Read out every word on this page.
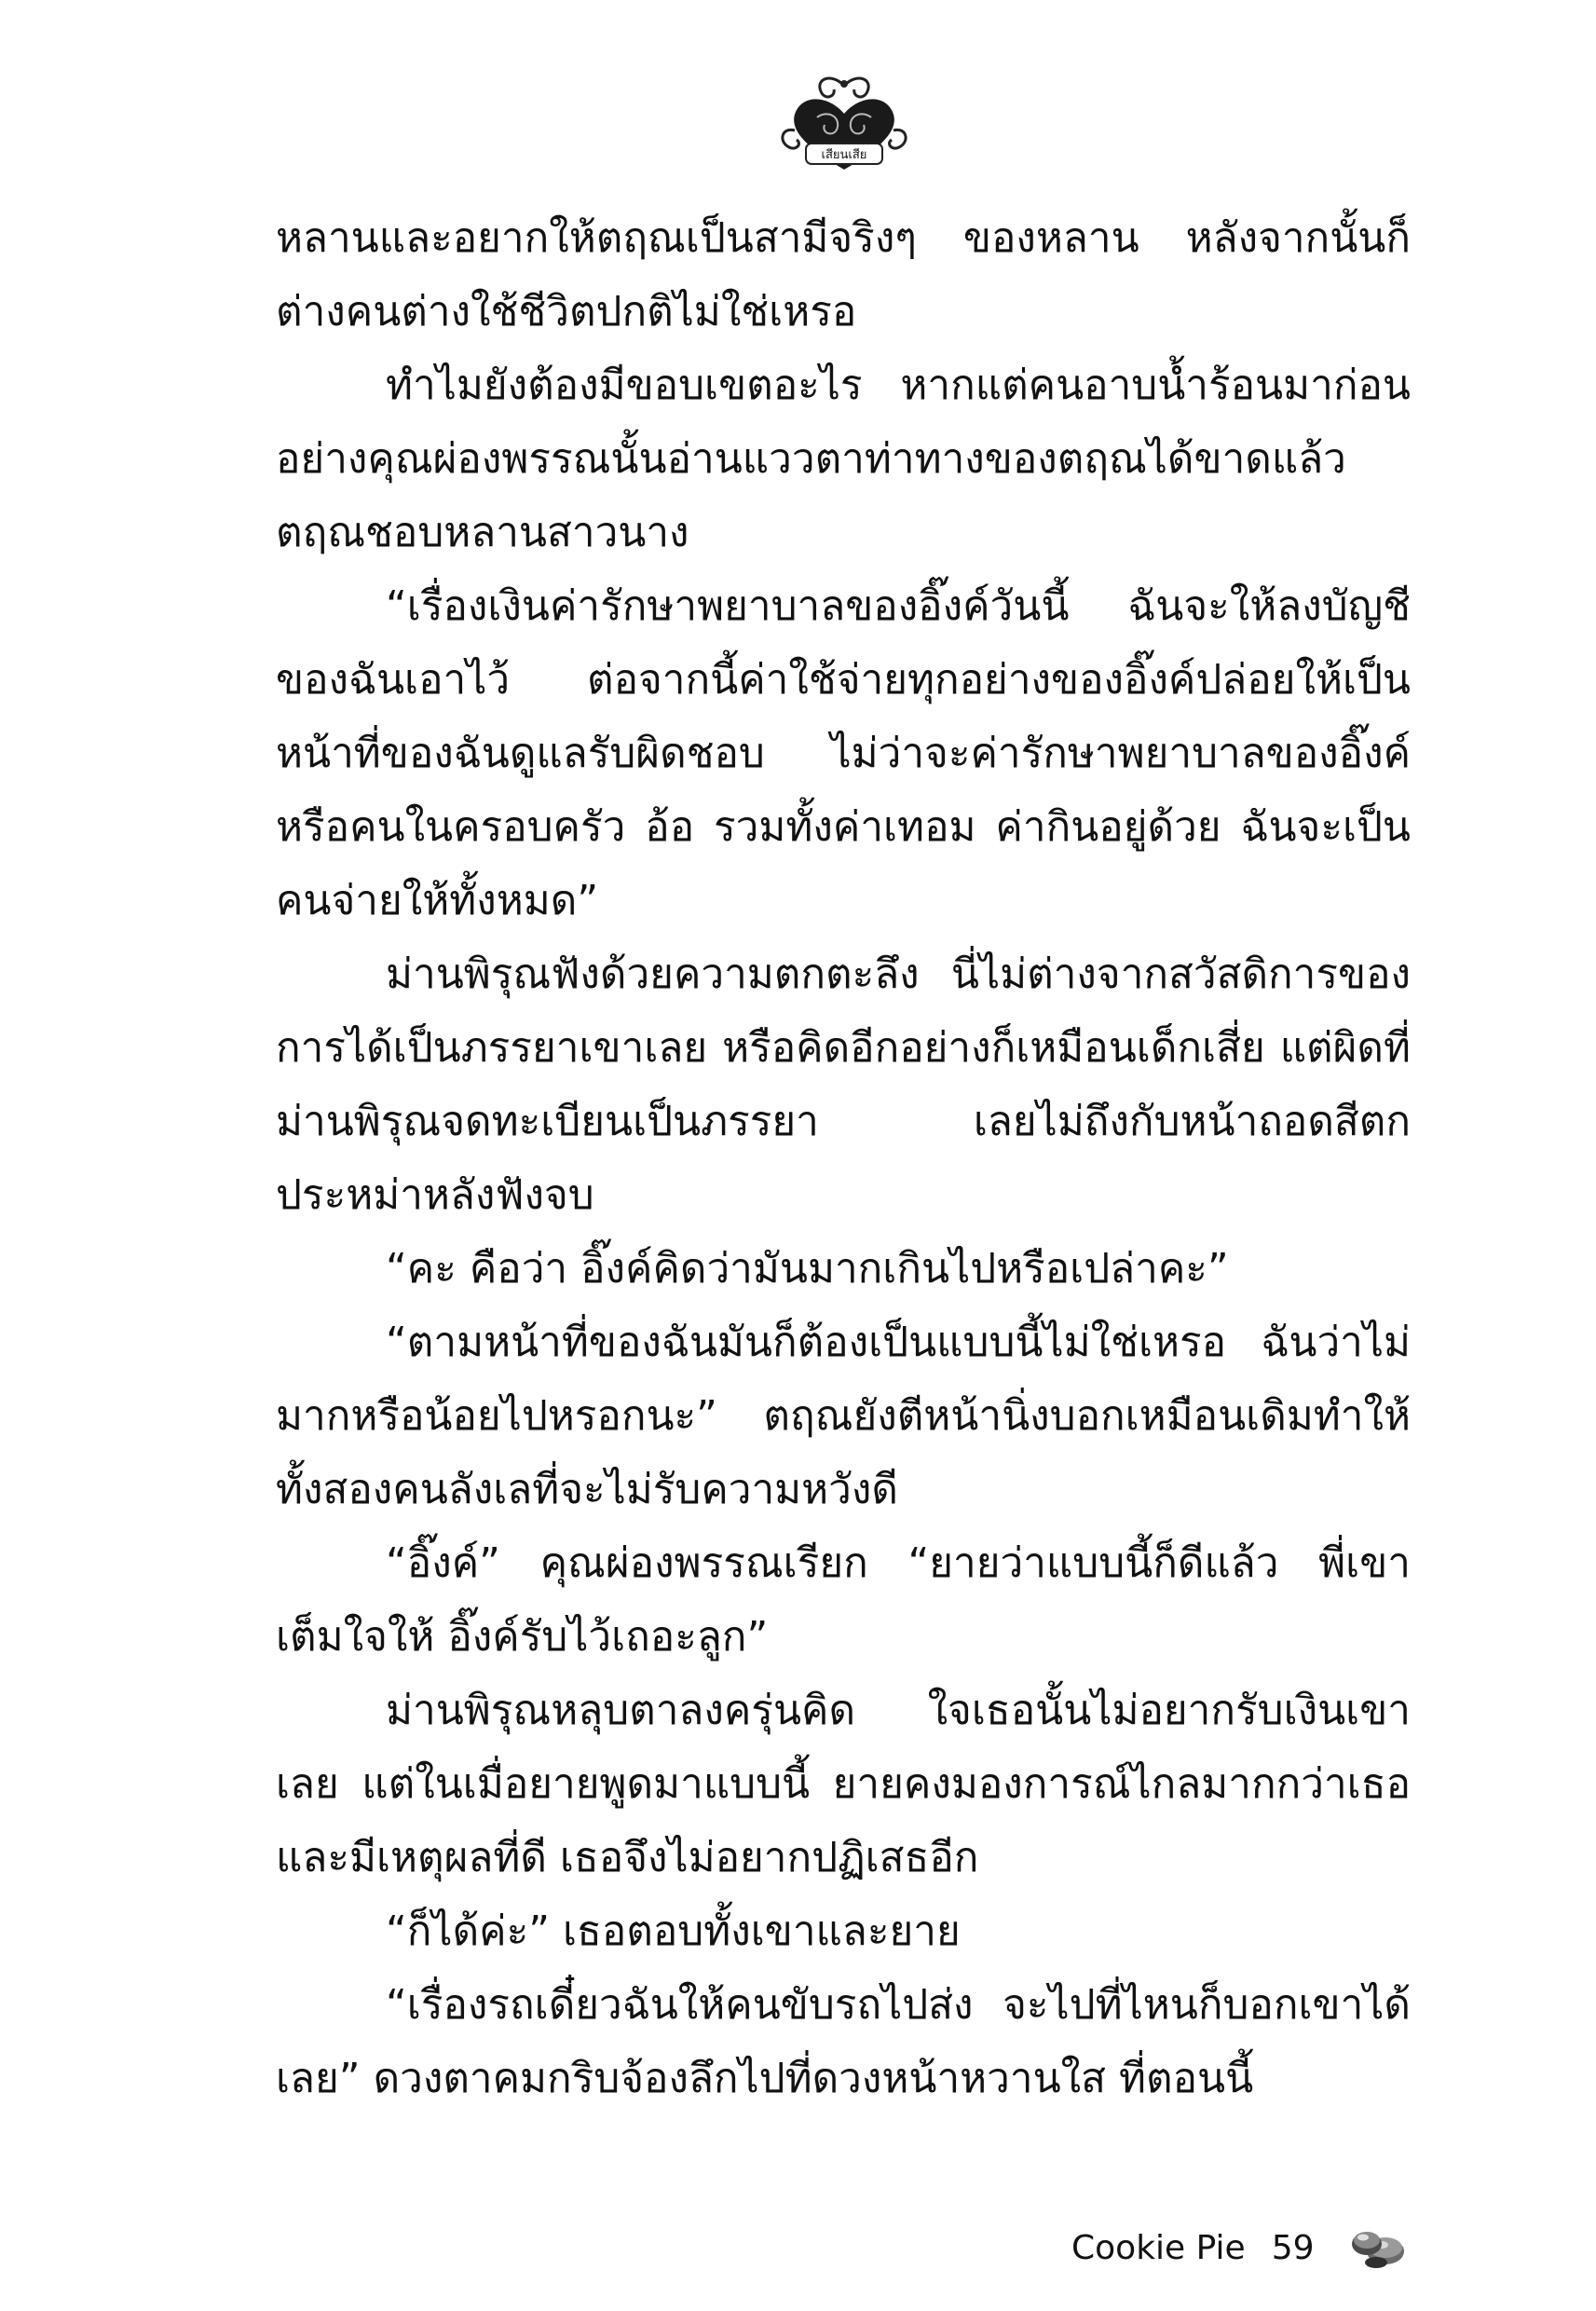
เสียนเสีย

หลานและอยากให้ตฤณเป็นสามีจริงๆ ของหลาน หลังจากนั้นก็ต่างคนต่างใช้ชีวิตปกติไม่ใช่เหรอ

ทำไมยังต้องมีขอบเขตอะไร หากแต่คนอาบน้ำร้อนมาก่อนอย่างคุณผ่องพรรณนั้นอ่านแววตาท่าทางของตฤณได้ขาดแล้ว ตฤณชอบหลานสาวนาง

“เรื่องเงินค่ารักษาพยาบาลของอิ๊งค์วันนี้ ฉันจะให้ลงบัญชีของฉันเอาไว้ ต่อจากนี้ค่าใช้จ่ายทุกอย่างของอิ๊งค์ปล่อยให้เป็นหน้าที่ของฉันดูแลรับผิดชอบ ไม่ว่าจะค่ารักษาพยาบาลของอิ๊งค์ หรือคนในครอบครัว อ้อ รวมทั้งค่าเทอม ค่ากินอยู่ด้วย ฉันจะเป็นคนจ่ายให้ทั้งหมด”

ม่านพิรุณฟังด้วยความตกตะลึง นี่ไม่ต่างจากสวัสดิการของการได้เป็นภรรยาเขาเลย หรือคิดอีกอย่างก็เหมือนเด็กเสี่ย แต่ผิดที่ม่านพิรุณจดทะเบียนเป็นภรรยา เลยไม่ถึงกับหน้าถอดสีตกประหม่าหลังฟังจบ

“คะ คือว่า อิ๊งค์คิดว่ามันมากเกินไปหรือเปล่าคะ”

“ตามหน้าที่ของฉันมันก็ต้องเป็นแบบนี้ไม่ใช่เหรอ ฉันว่าไม่มากหรือน้อยไปหรอกนะ” ตฤณยังตีหน้านิ่งบอกเหมือนเดิมทำให้ทั้งสองคนลังเลที่จะไม่รับความหวังดี

“อิ๊งค์” คุณผ่องพรรณเรียก “ยายว่าแบบนี้ก็ดีแล้ว พี่เขาเต็มใจให้ อิ๊งค์รับไว้เถอะลูก”

ม่านพิรุณหลุบตาลงครุ่นคิด ใจเธอนั้นไม่อยากรับเงินเขาเลย แต่ในเมื่อยายพูดมาแบบนี้ ยายคงมองการณ์ไกลมากกว่าเธอและมีเหตุผลที่ดี เธอจึงไม่อยากปฏิเสธอีก

“ก็ได้ค่ะ” เธอตอบทั้งเขาและยาย

“เรื่องรถเดี๋ยวฉันให้คนขับรถไปส่ง จะไปที่ไหนก็บอกเขาได้เลย” ดวงตาคมกริบจ้องลึกไปที่ดวงหน้าหวานใส ที่ตอนนี้

Cookie Pie 59
